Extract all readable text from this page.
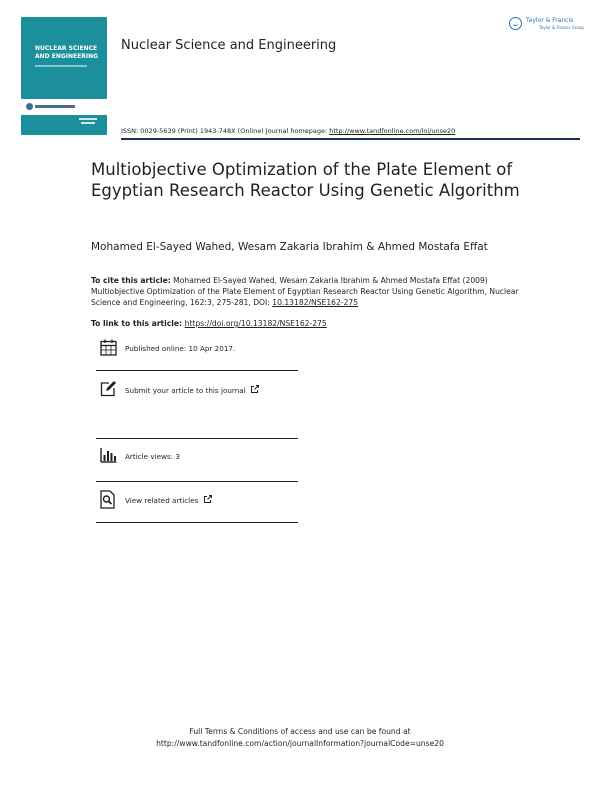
NUCLEAR SCIENCE AND ENGINEERING
Nuclear Science and Engineering
Taylor & Francis
Taylor & Francis Group
ISSN: 0029-5639 (Print) 1943-748X (Online) Journal homepage: http://www.tandfonline.com/loi/unse20
Multiobjective Optimization of the Plate Element of Egyptian Research Reactor Using Genetic Algorithm
Mohamed El-Sayed Wahed, Wesam Zakaria Ibrahim & Ahmed Mostafa Effat
To cite this article: Mohamed El-Sayed Wahed, Wesam Zakaria Ibrahim & Ahmed Mostafa Effat (2009) Multiobjective Optimization of the Plate Element of Egyptian Research Reactor Using Genetic Algorithm, Nuclear Science and Engineering, 162:3, 275-281, DOI: 10.13182/NSE162-275
To link to this article: https://doi.org/10.13182/NSE162-275
Published online: 10 Apr 2017.
Submit your article to this journal
Article views: 3
View related articles
Full Terms & Conditions of access and use can be found at
http://www.tandfonline.com/action/journalInformation?journalCode=unse20
